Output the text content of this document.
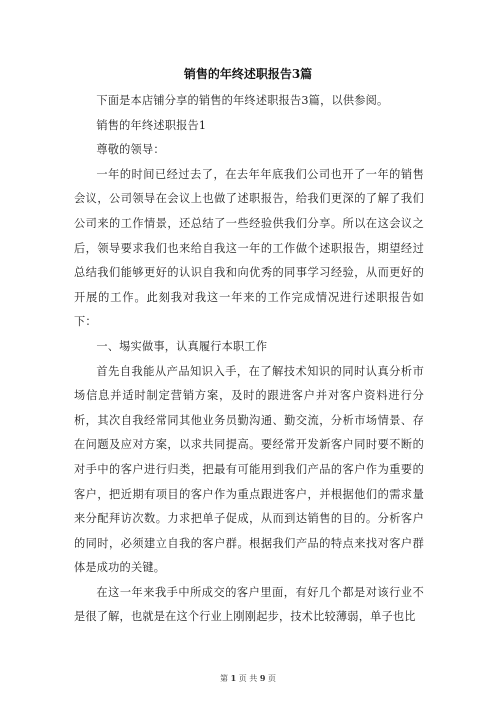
销售的年终述职报告3篇

下面是本店铺分享的销售的年终述职报告3篇，以供参阅。

销售的年终述职报告1

尊敬的领导：

一年的时间已经过去了，在去年年底我们公司也开了一年的销售会议，公司领导在会议上也做了述职报告，给我们更深的了解了我们公司来的工作情景，还总结了一些经验供我们分享。所以在这会议之后，领导要求我们也来给自我这一年的工作做个述职报告，期望经过总结我们能够更好的认识自我和向优秀的同事学习经验，从而更好的开展的工作。此刻我对我这一年来的工作完成情况进行述职报告如下：

一、埸实做事，认真履行本职工作

首先自我能从产品知识入手，在了解技术知识的同时认真分析市场信息并适时制定营销方案，及时的跟进客户并对客户资料进行分析，其次自我经常同其他业务员勤沟通、勤交流，分析市场情景、存在问题及应对方案，以求共同提高。要经常开发新客户同时要不断的对手中的客户进行归类，把最有可能用到我们产品的客户作为重要的客户，把近期有项目的客户作为重点跟进客户，并根据他们的需求量来分配拜访次数。力求把单子促成，从而到达销售的目的。分析客户的同时，必须建立自我的客户群。根据我们产品的特点来找对客户群体是成功的关键。

在这一年来我手中所成交的客户里面，有好几个都是对该行业不是很了解，也就是在这个行业上刚刚起步，技术比较薄弱，单子也比

第 1 页 共 9 页
